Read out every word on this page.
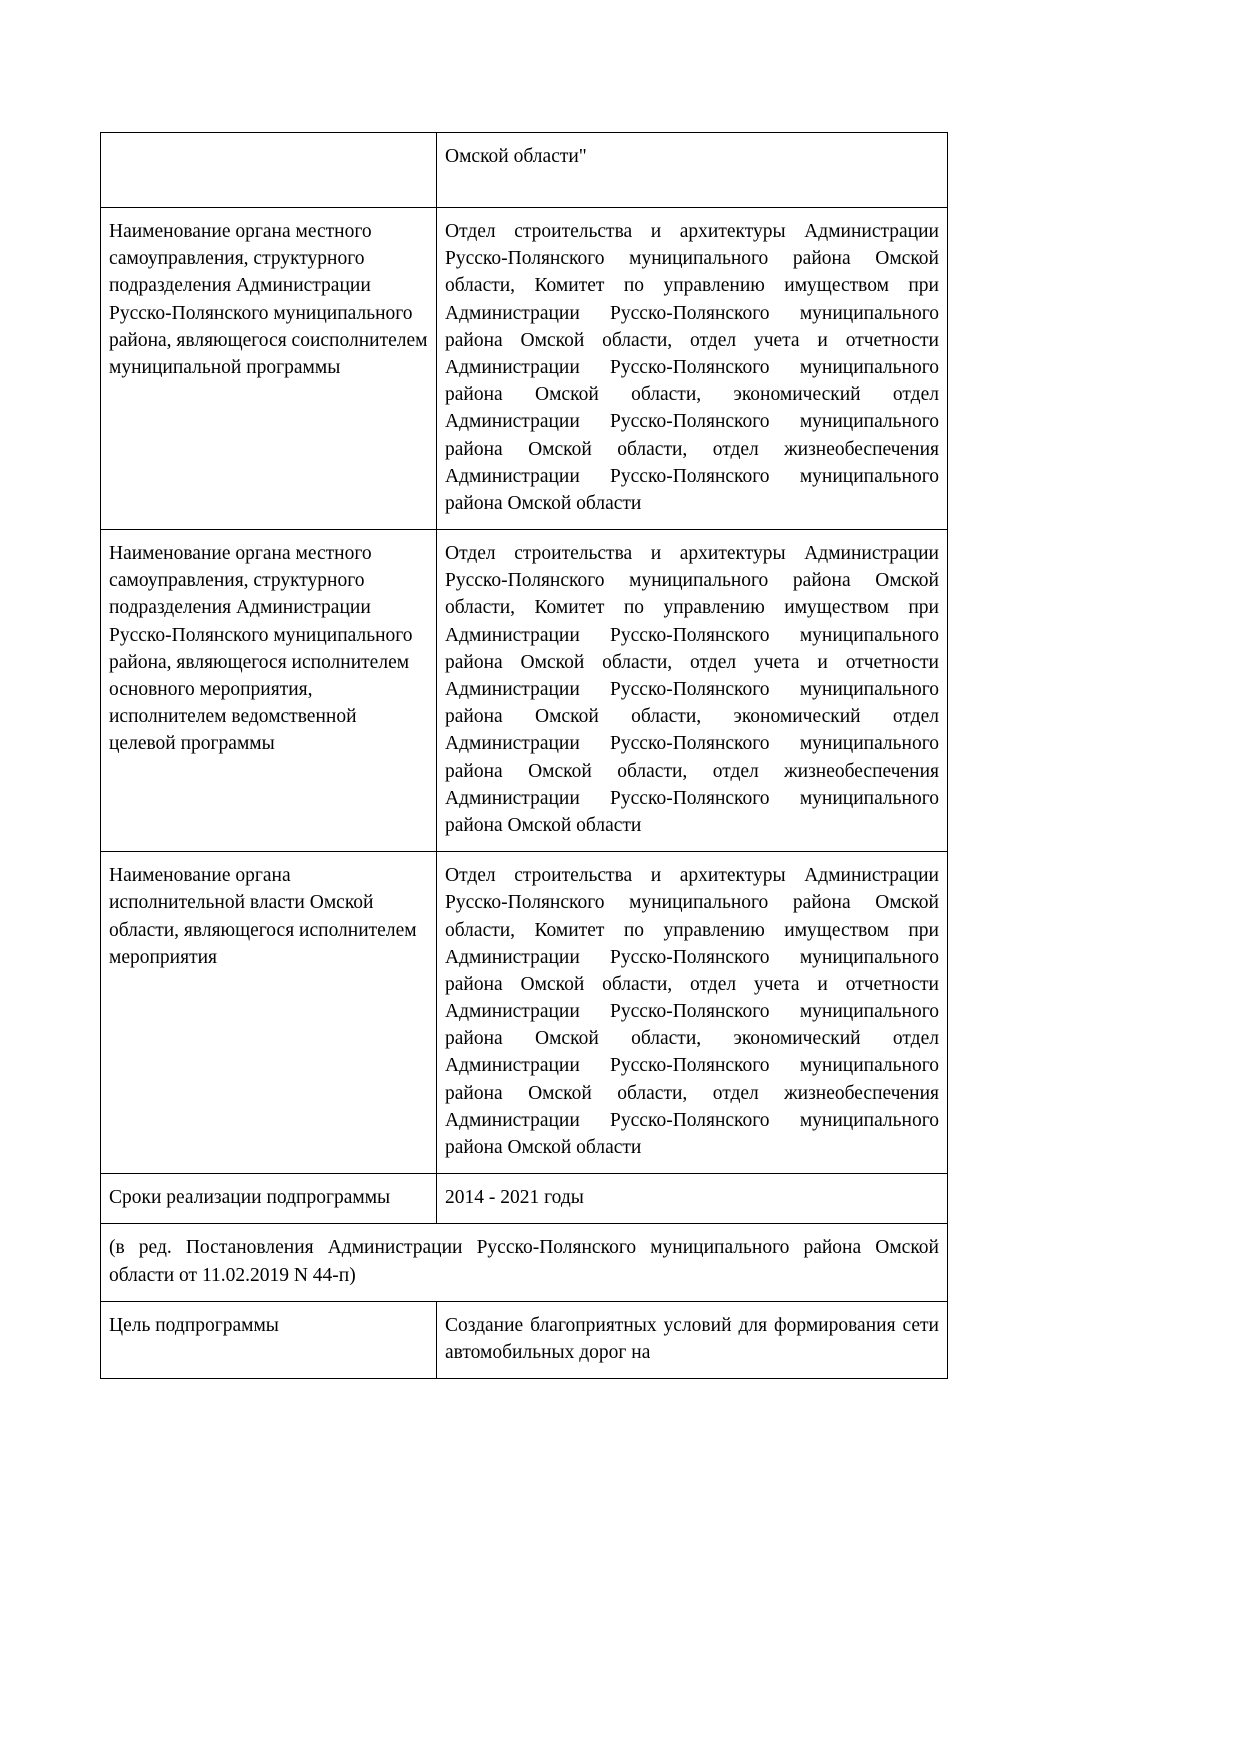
	Омской области"
Наименование органа местного самоуправления, структурного подразделения Администрации Русско-Полянского муниципального района, являющегося соисполнителем муниципальной программы	Отдел строительства и архитектуры Администрации Русско-Полянского муниципального района Омской области, Комитет по управлению имуществом при Администрации Русско-Полянского муниципального района Омской области, отдел учета и отчетности Администрации Русско-Полянского муниципального района Омской области, экономический отдел Администрации Русско-Полянского муниципального района Омской области, отдел жизнеобеспечения Администрации Русско-Полянского муниципального района Омской области
Наименование органа местного самоуправления, структурного подразделения Администрации Русско-Полянского муниципального района, являющегося исполнителем основного мероприятия, исполнителем ведомственной целевой программы	Отдел строительства и архитектуры Администрации Русско-Полянского муниципального района Омской области, Комитет по управлению имуществом при Администрации Русско-Полянского муниципального района Омской области, отдел учета и отчетности Администрации Русско-Полянского муниципального района Омской области, экономический отдел Администрации Русско-Полянского муниципального района Омской области, отдел жизнеобеспечения Администрации Русско-Полянского муниципального района Омской области
Наименование органа исполнительной власти Омской области, являющегося исполнителем мероприятия	Отдел строительства и архитектуры Администрации Русско-Полянского муниципального района Омской области, Комитет по управлению имуществом при Администрации Русско-Полянского муниципального района Омской области, отдел учета и отчетности Администрации Русско-Полянского муниципального района Омской области, экономический отдел Администрации Русско-Полянского муниципального района Омской области, отдел жизнеобеспечения Администрации Русско-Полянского муниципального района Омской области
Сроки реализации подпрограммы	2014 - 2021 годы
(в ред. Постановления Администрации Русско-Полянского муниципального района Омской области от 11.02.2019 N 44-п)	
Цель подпрограммы	Создание благоприятных условий для формирования сети автомобильных дорог на
